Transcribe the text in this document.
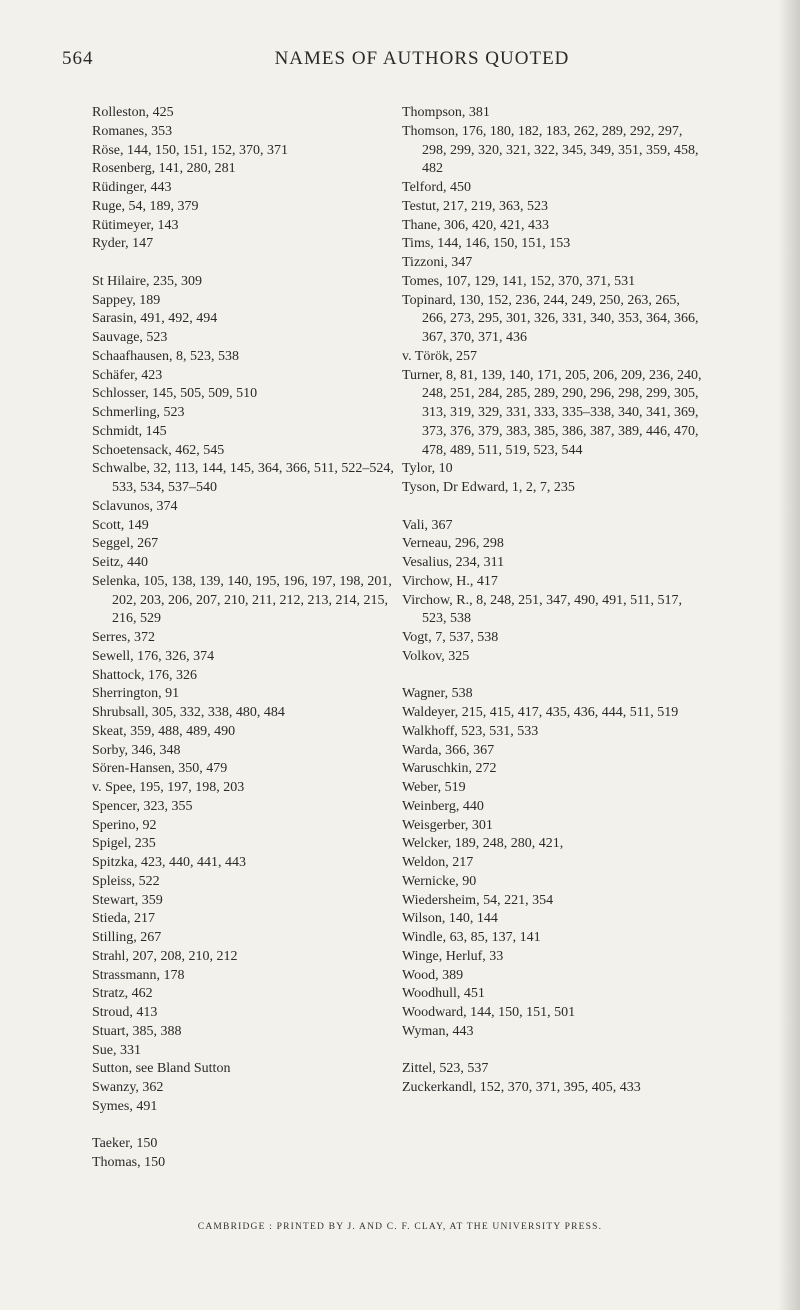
564	NAMES OF AUTHORS QUOTED
Rolleston, 425
Romanes, 353
Röse, 144, 150, 151, 152, 370, 371
Rosenberg, 141, 280, 281
Rüdinger, 443
Ruge, 54, 189, 379
Rütimeyer, 143
Ryder, 147
St Hilaire, 235, 309
Sappey, 189
Sarasin, 491, 492, 494
Sauvage, 523
Schaafhausen, 8, 523, 538
Schäfer, 423
Schlosser, 145, 505, 509, 510
Schmerling, 523
Schmidt, 145
Schoetensack, 462, 545
Schwalbe, 32, 113, 144, 145, 364, 366, 511, 522–524, 533, 534, 537–540
Sclavunos, 374
Scott, 149
Seggel, 267
Seitz, 440
Selenka, 105, 138, 139, 140, 195, 196, 197, 198, 201, 202, 203, 206, 207, 210, 211, 212, 213, 214, 215, 216, 529
Serres, 372
Sewell, 176, 326, 374
Shattock, 176, 326
Sherrington, 91
Shrubsall, 305, 332, 338, 480, 484
Skeat, 359, 488, 489, 490
Sorby, 346, 348
Sören-Hansen, 350, 479
v. Spee, 195, 197, 198, 203
Spencer, 323, 355
Sperino, 92
Spigel, 235
Spitzka, 423, 440, 441, 443
Spleiss, 522
Stewart, 359
Stieda, 217
Stilling, 267
Strahl, 207, 208, 210, 212
Strassmann, 178
Stratz, 462
Stroud, 413
Stuart, 385, 388
Sue, 331
Sutton, see Bland Sutton
Swanzy, 362
Symes, 491
Taeker, 150
Thomas, 150
Thompson, 381
Thomson, 176, 180, 182, 183, 262, 289, 292, 297, 298, 299, 320, 321, 322, 345, 349, 351, 359, 458, 482
Telford, 450
Testut, 217, 219, 363, 523
Thane, 306, 420, 421, 433
Tims, 144, 146, 150, 151, 153
Tizzoni, 347
Tomes, 107, 129, 141, 152, 370, 371, 531
Topinard, 130, 152, 236, 244, 249, 250, 263, 265, 266, 273, 295, 301, 326, 331, 340, 353, 364, 366, 367, 370, 371, 436
v. Török, 257
Turner, 8, 81, 139, 140, 171, 205, 206, 209, 236, 240, 248, 251, 284, 285, 289, 290, 296, 298, 299, 305, 313, 319, 329, 331, 333, 335–338, 340, 341, 369, 373, 376, 379, 383, 385, 386, 387, 389, 446, 470, 478, 489, 511, 519, 523, 544
Tylor, 10
Tyson, Dr Edward, 1, 2, 7, 235
Vali, 367
Verneau, 296, 298
Vesalius, 234, 311
Virchow, H., 417
Virchow, R., 8, 248, 251, 347, 490, 491, 511, 517, 523, 538
Vogt, 7, 537, 538
Volkov, 325
Wagner, 538
Waldeyer, 215, 415, 417, 435, 436, 444, 511, 519
Walkhoff, 523, 531, 533
Warda, 366, 367
Waruschkin, 272
Weber, 519
Weinberg, 440
Weisgerber, 301
Welcker, 189, 248, 280, 421,
Weldon, 217
Wernicke, 90
Wiedersheim, 54, 221, 354
Wilson, 140, 144
Windle, 63, 85, 137, 141
Winge, Herluf, 33
Wood, 389
Woodhull, 451
Woodward, 144, 150, 151, 501
Wyman, 443
Zittel, 523, 537
Zuckerkandl, 152, 370, 371, 395, 405, 433
CAMBRIDGE : PRINTED BY J. AND C. F. CLAY, AT THE UNIVERSITY PRESS.
